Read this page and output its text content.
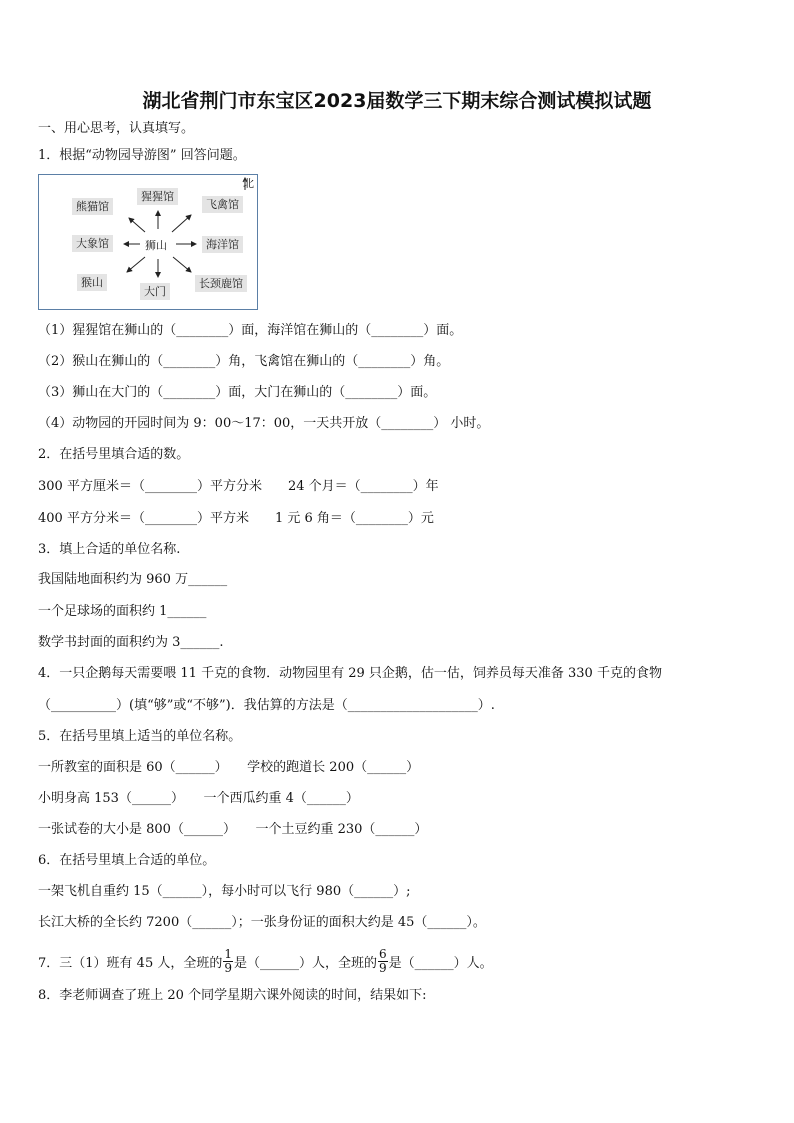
湖北省荆门市东宝区2023届数学三下期末综合测试模拟试题
一、用心思考，认真填写。
1．根据“动物园导游图” 回答问题。
北
熊猫馆
猩猩馆
飞禽馆
大象馆	狮山	海洋馆
猴山
大门
长颈鹿馆
（1）猩猩馆在狮山的（________）面，海洋馆在狮山的（________）面。
（2）猴山在狮山的（________）角，飞禽馆在狮山的（________）角。
（3）狮山在大门的（________）面，大门在狮山的（________）面。
（4）动物园的开园时间为 9：00～17：00，一天共开放（________） 小时。
2．在括号里填合适的数。
300 平方厘米＝（________）平方分米　　24 个月＝（________）年
400 平方分米＝（________）平方米　　1 元 6 角＝（________）元
3．填上合适的单位名称.
我国陆地面积约为 960 万______
一个足球场的面积约 1______
数学书封面的面积约为 3______.
4．一只企鹅每天需要喂 11 千克的食物．动物园里有 29 只企鹅，估一估，饲养员每天准备 330 千克的食物
（__________）(填“够”或“不够”)．我估算的方法是（____________________）.
5．在括号里填上适当的单位名称。
一所教室的面积是 60（______）　　学校的跑道长 200（______）
小明身高 153（______）　　一个西瓜约重 4（______）
一张试卷的大小是 800（______）　　一个土豆约重 230（______）
6．在括号里填上合适的单位。
一架飞机自重约 15（______），每小时可以飞行 980（______）;
长江大桥的全长约 7200（______）；一张身份证的面积大约是 45（______）。
7．三（1）班有 45 人，全班的 $\frac{1}{9}$ 是（______）人，全班的 $\frac{6}{9}$ 是（______）人。
8．李老师调查了班上 20 个同学星期六课外阅读的时间，结果如下:
